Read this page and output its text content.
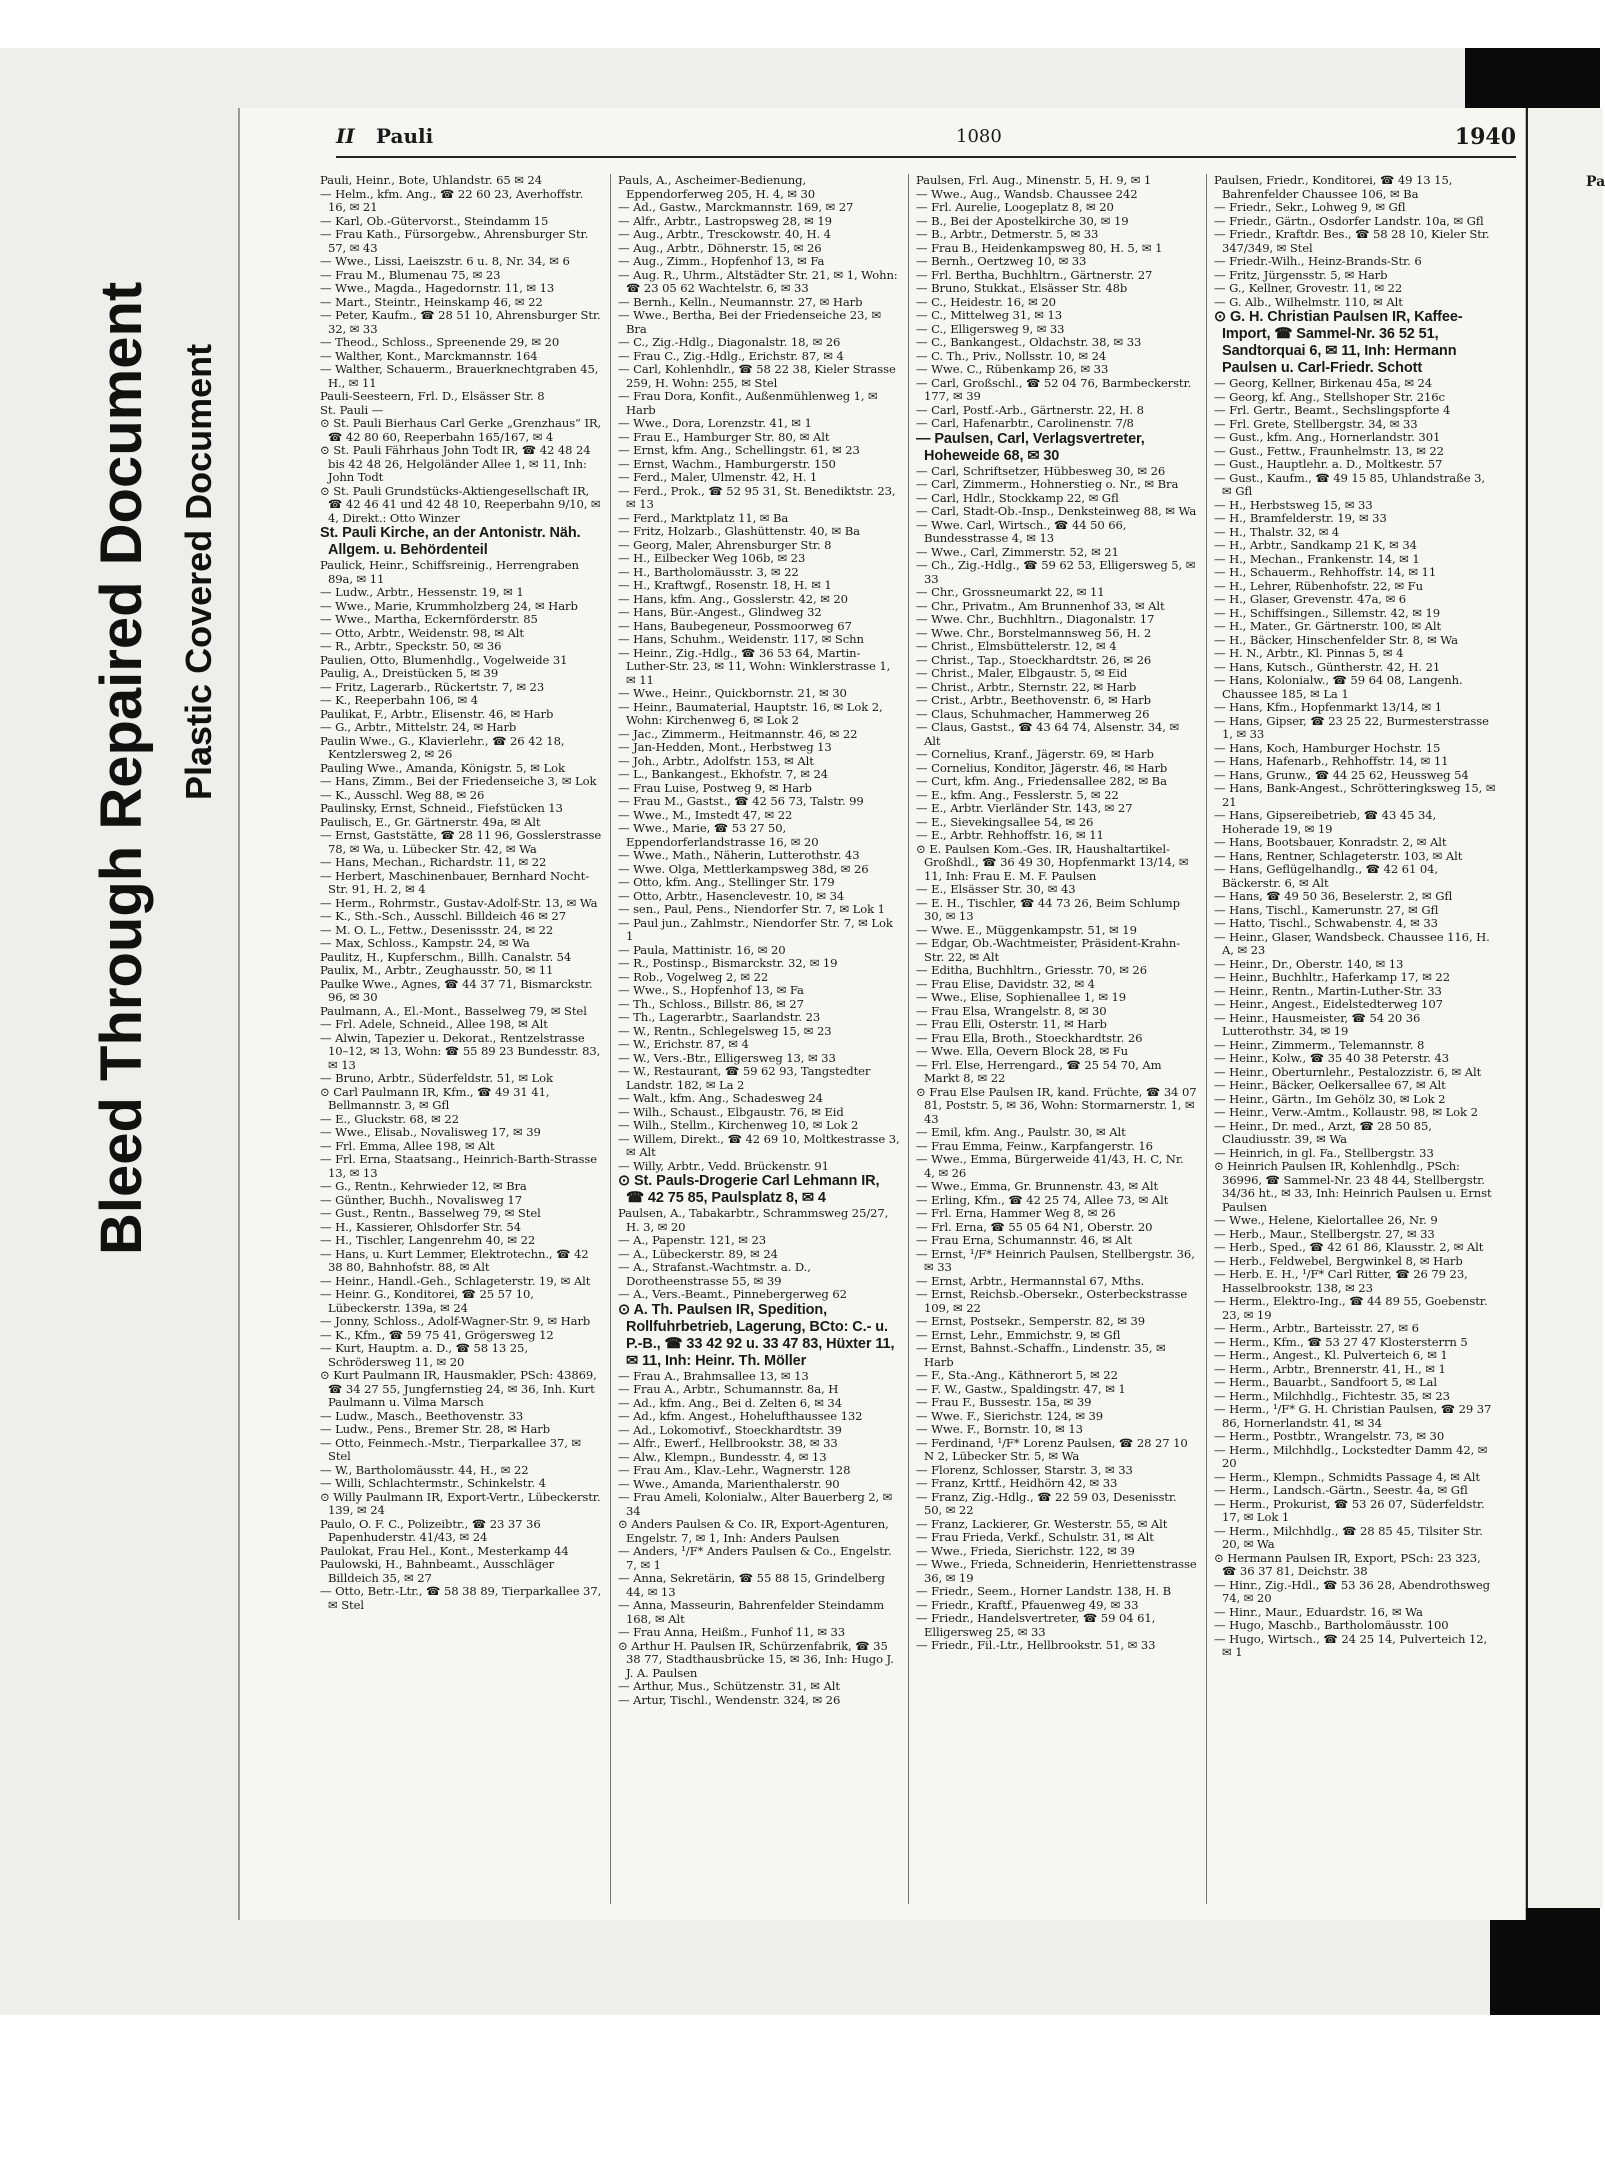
Bleed Through Repaired Document Plastic Covered Document
Pa
II Pauli	1080	1940

Pauli, Heinr., Bote, Uhlandstr. 65 ✉ 24

— Helm., kfm. Ang., ☎ 22 60 23, Averhoffstr. 16, ✉ 21

— Karl, Ob.-Gütervorst., Steindamm 15

— Frau Kath., Fürsorgebw., Ahrensburger Str. 57, ✉ 43

— Wwe., Lissi, Laeiszstr. 6 u. 8, Nr. 34, ✉ 6

— Frau M., Blumenau 75, ✉ 23

— Wwe., Magda., Hagedornstr. 11, ✉ 13

— Mart., Steintr., Heinskamp 46, ✉ 22

— Peter, Kaufm., ☎ 28 51 10, Ahrensburger Str. 32, ✉ 33

— Theod., Schloss., Spreenende 29, ✉ 20

— Walther, Kont., Marckmannstr. 164

— Walther, Schauerm., Brauerknechtgraben 45, H., ✉ 11

Pauli-Seesteern, Frl. D., Elsässer Str. 8

St. Pauli —

⊙ St. Pauli Bierhaus Carl Gerke „Grenzhaus“ IR, ☎ 42 80 60, Reeperbahn 165/167, ✉ 4

⊙ St. Pauli Fährhaus John Todt IR, ☎ 42 48 24 bis 42 48 26, Helgoländer Allee 1, ✉ 11, Inh: John Todt

⊙ St. Pauli Grundstücks-Aktiengesellschaft IR, ☎ 42 46 41 und 42 48 10, Reeperbahn 9/10, ✉ 4, Direkt.: Otto Winzer

St. Pauli Kirche, an der Antonistr. Näh. Allgem. u. Behördenteil

Paulick, Heinr., Schiffsreinig., Herrengraben 89a, ✉ 11

— Ludw., Arbtr., Hessenstr. 19, ✉ 1

— Wwe., Marie, Krummholzberg 24, ✉ Harb

— Wwe., Martha, Eckernförderstr. 85

— Otto, Arbtr., Weidenstr. 98, ✉ Alt

— R., Arbtr., Speckstr. 50, ✉ 36

Paulien, Otto, Blumenhdlg., Vogelweide 31

Paulig, A., Dreistücken 5, ✉ 39

— Fritz, Lagerarb., Rückertstr. 7, ✉ 23

— K., Reeperbahn 106, ✉ 4

Paulikat, F., Arbtr., Elisenstr. 46, ✉ Harb

— G., Arbtr., Mittelstr. 24, ✉ Harb

Paulin Wwe., G., Klavierlehr., ☎ 26 42 18, Kentzlersweg 2, ✉ 26

Pauling Wwe., Amanda, Königstr. 5, ✉ Lok

— Hans, Zimm., Bei der Friedenseiche 3, ✉ Lok

— K., Ausschl. Weg 88, ✉ 26

Paulinsky, Ernst, Schneid., Fiefstücken 13

Paulisch, E., Gr. Gärtnerstr. 49a, ✉ Alt

— Ernst, Gaststätte, ☎ 28 11 96, Gosslerstrasse 78, ✉ Wa, u. Lübecker Str. 42, ✉ Wa

— Hans, Mechan., Richardstr. 11, ✉ 22

— Herbert, Maschinenbauer, Bernhard Nocht-Str. 91, H. 2, ✉ 4

— Herm., Rohrmstr., Gustav-Adolf-Str. 13, ✉ Wa

— K., Sth.-Sch., Ausschl. Billdeich 46 ✉ 27

— M. O. L., Fettw., Desenissstr. 24, ✉ 22

— Max, Schloss., Kampstr. 24, ✉ Wa

Paulitz, H., Kupferschm., Billh. Canalstr. 54

Paulix, M., Arbtr., Zeughausstr. 50, ✉ 11

Paulke Wwe., Agnes, ☎ 44 37 71, Bismarckstr. 96, ✉ 30

Paulmann, A., El.-Mont., Basselweg 79, ✉ Stel

— Frl. Adele, Schneid., Allee 198, ✉ Alt

— Alwin, Tapezier u. Dekorat., Rentzelstrasse 10–12, ✉ 13, Wohn: ☎ 55 89 23 Bundesstr. 83, ✉ 13

— Bruno, Arbtr., Süderfeldstr. 51, ✉ Lok

⊙ Carl Paulmann IR, Kfm., ☎ 49 31 41, Bellmannstr. 3, ✉ Gfl

— E., Gluckstr. 68, ✉ 22

— Wwe., Elisab., Novalisweg 17, ✉ 39

— Frl. Emma, Allee 198, ✉ Alt

— Frl. Erna, Staatsang., Heinrich-Barth-Strasse 13, ✉ 13

— G., Rentn., Kehrwieder 12, ✉ Bra

— Günther, Buchh., Novalisweg 17

— Gust., Rentn., Basselweg 79, ✉ Stel

— H., Kassierer, Ohlsdorfer Str. 54

— H., Tischler, Langenrehm 40, ✉ 22

— Hans, u. Kurt Lemmer, Elektrotechn., ☎ 42 38 80, Bahnhofstr. 88, ✉ Alt

— Heinr., Handl.-Geh., Schlageterstr. 19, ✉ Alt

— Heinr. G., Konditorei, ☎ 25 57 10, Lübeckerstr. 139a, ✉ 24

— Jonny, Schloss., Adolf-Wagner-Str. 9, ✉ Harb

— K., Kfm., ☎ 59 75 41, Grögersweg 12

— Kurt, Hauptm. a. D., ☎ 58 13 25, Schrödersweg 11, ✉ 20

⊙ Kurt Paulmann IR, Hausmakler, PSch: 43869, ☎ 34 27 55, Jungfernstieg 24, ✉ 36, Inh. Kurt Paulmann u. Vilma Marsch

— Ludw., Masch., Beethovenstr. 33

— Ludw., Pens., Bremer Str. 28, ✉ Harb

— Otto, Feinmech.-Mstr., Tierparkallee 37, ✉ Stel

— W., Bartholomäusstr. 44, H., ✉ 22

— Willi, Schlachtermstr., Schinkelstr. 4

⊙ Willy Paulmann IR, Export-Vertr., Lübeckerstr. 139, ✉ 24

Paulo, O. F. C., Polizeibtr., ☎ 23 37 36 Papenhuderstr. 41/43, ✉ 24

Paulokat, Frau Hel., Kont., Mesterkamp 44

Paulowski, H., Bahnbeamt., Ausschläger Billdeich 35, ✉ 27

— Otto, Betr.-Ltr., ☎ 58 38 89, Tierparkallee 37, ✉ Stel

Pauls, A., Ascheimer-Bedienung, Eppendorferweg 205, H. 4, ✉ 30

— Ad., Gastw., Marckmannstr. 169, ✉ 27

— Alfr., Arbtr., Lastropsweg 28, ✉ 19

— Aug., Arbtr., Tresckowstr. 40, H. 4

— Aug., Arbtr., Döhnerstr. 15, ✉ 26

— Aug., Zimm., Hopfenhof 13, ✉ Fa

— Aug. R., Uhrm., Altstädter Str. 21, ✉ 1, Wohn: ☎ 23 05 62 Wachtelstr. 6, ✉ 33

— Bernh., Kelln., Neumannstr. 27, ✉ Harb

— Wwe., Bertha, Bei der Friedenseiche 23, ✉ Bra

— C., Zig.-Hdlg., Diagonalstr. 18, ✉ 26

— Frau C., Zig.-Hdlg., Erichstr. 87, ✉ 4

— Carl, Kohlenhdlr., ☎ 58 22 38, Kieler Strasse 259, H. Wohn: 255, ✉ Stel

— Frau Dora, Konfit., Außenmühlenweg 1, ✉ Harb

— Wwe., Dora, Lorenzstr. 41, ✉ 1

— Frau E., Hamburger Str. 80, ✉ Alt

— Ernst, kfm. Ang., Schellingstr. 61, ✉ 23

— Ernst, Wachm., Hamburgerstr. 150

— Ferd., Maler, Ulmenstr. 42, H. 1

— Ferd., Prok., ☎ 52 95 31, St. Benediktstr. 23, ✉ 13

— Ferd., Marktplatz 11, ✉ Ba

— Fritz, Holzarb., Glashüttenstr. 40, ✉ Ba

— Georg, Maler, Ahrensburger Str. 8

— H., Eilbecker Weg 106b, ✉ 23

— H., Bartholomäusstr. 3, ✉ 22

— H., Kraftwgf., Rosenstr. 18, H. ✉ 1

— Hans, kfm. Ang., Gosslerstr. 42, ✉ 20

— Hans, Bür.-Angest., Glindweg 32

— Hans, Baubegeneur, Possmoorweg 67

— Hans, Schuhm., Weidenstr. 117, ✉ Schn

— Heinr., Zig.-Hdlg., ☎ 36 53 64, Martin-Luther-Str. 23, ✉ 11, Wohn: Winklerstrasse 1, ✉ 11

— Wwe., Heinr., Quickbornstr. 21, ✉ 30

— Heinr., Baumaterial, Hauptstr. 16, ✉ Lok 2, Wohn: Kirchenweg 6, ✉ Lok 2

— Jac., Zimmerm., Heitmannstr. 46, ✉ 22

— Jan-Hedden, Mont., Herbstweg 13

— Joh., Arbtr., Adolfstr. 153, ✉ Alt

— L., Bankangest., Ekhofstr. 7, ✉ 24

— Frau Luise, Postweg 9, ✉ Harb

— Frau M., Gastst., ☎ 42 56 73, Talstr. 99

— Wwe., M., Imstedt 47, ✉ 22

— Wwe., Marie, ☎ 53 27 50, Eppendorferlandstrasse 16, ✉ 20

— Wwe., Math., Näherin, Lutterothstr. 43

— Wwe. Olga, Mettlerkampsweg 38d, ✉ 26

— Otto, kfm. Ang., Stellinger Str. 179

— Otto, Arbtr., Hasenclevestr. 10, ✉ 34

— sen., Paul, Pens., Niendorfer Str. 7, ✉ Lok 1

— Paul jun., Zahlmstr., Niendorfer Str. 7, ✉ Lok 1

— Paula, Mattinistr. 16, ✉ 20

— R., Postinsp., Bismarckstr. 32, ✉ 19

— Rob., Vogelweg 2, ✉ 22

— Wwe., S., Hopfenhof 13, ✉ Fa

— Th., Schloss., Billstr. 86, ✉ 27

— Th., Lagerarbtr., Saarlandstr. 23

— W., Rentn., Schlegelsweg 15, ✉ 23

— W., Erichstr. 87, ✉ 4

— W., Vers.-Btr., Elligersweg 13, ✉ 33

— W., Restaurant, ☎ 59 62 93, Tangstedter Landstr. 182, ✉ La 2

— Walt., kfm. Ang., Schadesweg 24

— Wilh., Schaust., Elbgaustr. 76, ✉ Eid

— Wilh., Stellm., Kirchenweg 10, ✉ Lok 2

— Willem, Direkt., ☎ 42 69 10, Moltkestrasse 3, ✉ Alt

— Willy, Arbtr., Vedd. Brückenstr. 91

⊙ St. Pauls-Drogerie Carl Lehmann IR, ☎ 42 75 85, Paulsplatz 8, ✉ 4

Paulsen, A., Tabakarbtr., Schrammsweg 25/27, H. 3, ✉ 20

— A., Papenstr. 121, ✉ 23

— A., Lübeckerstr. 89, ✉ 24

— A., Strafanst.-Wachtmstr. a. D., Dorotheenstrasse 55, ✉ 39

— A., Vers.-Beamt., Pinnebergerweg 62

⊙ A. Th. Paulsen IR, Spedition, Rollfuhrbetrieb, Lagerung, BCto: C.- u. P.-B., ☎ 33 42 92 u. 33 47 83, Hüxter 11, ✉ 11, Inh: Heinr. Th. Möller

— Frau A., Brahmsallee 13, ✉ 13

— Frau A., Arbtr., Schumannstr. 8a, H

— Ad., kfm. Ang., Bei d. Zelten 6, ✉ 34

— Ad., kfm. Angest., Hohelufthaussee 132

— Ad., Lokomotivf., Stoeckhardtstr. 39

— Alfr., Ewerf., Hellbrookstr. 38, ✉ 33

— Alw., Klempn., Bundesstr. 4, ✉ 13

— Frau Am., Klav.-Lehr., Wagnerstr. 128

— Wwe., Amanda, Marienthalerstr. 90

— Frau Ameli, Kolonialw., Alter Bauerberg 2, ✉ 34

⊙ Anders Paulsen & Co. IR, Export-Agenturen, Engelstr. 7, ✉ 1, Inh: Anders Paulsen

— Anders, ¹/F* Anders Paulsen & Co., Engelstr. 7, ✉ 1

— Anna, Sekretärin, ☎ 55 88 15, Grindelberg 44, ✉ 13

— Anna, Masseurin, Bahrenfelder Steindamm 168, ✉ Alt

— Frau Anna, Heißm., Funhof 11, ✉ 33

⊙ Arthur H. Paulsen IR, Schürzenfabrik, ☎ 35 38 77, Stadthausbrücke 15, ✉ 36, Inh: Hugo J. J. A. Paulsen

— Arthur, Mus., Schützenstr. 31, ✉ Alt

— Artur, Tischl., Wendenstr. 324, ✉ 26

Paulsen, Frl. Aug., Minenstr. 5, H. 9, ✉ 1

— Wwe., Aug., Wandsb. Chaussee 242

— Frl. Aurelie, Loogeplatz 8, ✉ 20

— B., Bei der Apostelkirche 30, ✉ 19

— B., Arbtr., Detmerstr. 5, ✉ 33

— Frau B., Heidenkampsweg 80, H. 5, ✉ 1

— Bernh., Oertzweg 10, ✉ 33

— Frl. Bertha, Buchhltrn., Gärtnerstr. 27

— Bruno, Stukkat., Elsässer Str. 48b

— C., Heidestr. 16, ✉ 20

— C., Mittelweg 31, ✉ 13

— C., Elligersweg 9, ✉ 33

— C., Bankangest., Oldachstr. 38, ✉ 33

— C. Th., Priv., Nollsstr. 10, ✉ 24

— Wwe. C., Rübenkamp 26, ✉ 33

— Carl, Großschl., ☎ 52 04 76, Barmbeckerstr. 177, ✉ 39

— Carl, Postf.-Arb., Gärtnerstr. 22, H. 8

— Carl, Hafenarbtr., Carolinenstr. 7/8

— Paulsen, Carl, Verlagsvertreter, Hoheweide 68, ✉ 30

— Carl, Schriftsetzer, Hübbesweg 30, ✉ 26

— Carl, Zimmerm., Hohnerstieg o. Nr., ✉ Bra

— Carl, Hdlr., Stockkamp 22, ✉ Gfl

— Carl, Stadt-Ob.-Insp., Denksteinweg 88, ✉ Wa

— Wwe. Carl, Wirtsch., ☎ 44 50 66, Bundesstrasse 4, ✉ 13

— Wwe., Carl, Zimmerstr. 52, ✉ 21

— Ch., Zig.-Hdlg., ☎ 59 62 53, Elligersweg 5, ✉ 33

— Chr., Grossneumarkt 22, ✉ 11

— Chr., Privatm., Am Brunnenhof 33, ✉ Alt

— Wwe. Chr., Buchhltrn., Diagonalstr. 17

— Wwe. Chr., Borstelmannsweg 56, H. 2

— Christ., Elmsbüttelerstr. 12, ✉ 4

— Christ., Tap., Stoeckhardtstr. 26, ✉ 26

— Christ., Maler, Elbgaustr. 5, ✉ Eid

— Christ., Arbtr., Sternstr. 22, ✉ Harb

— Crist., Arbtr., Beethovenstr. 6, ✉ Harb

— Claus, Schuhmacher, Hammerweg 26

— Claus, Gastst., ☎ 43 64 74, Alsenstr. 34, ✉ Alt

— Cornelius, Kranf., Jägerstr. 69, ✉ Harb

— Cornelius, Konditor, Jägerstr. 46, ✉ Harb

— Curt, kfm. Ang., Friedensallee 282, ✉ Ba

— E., kfm. Ang., Fesslerstr. 5, ✉ 22

— E., Arbtr. Vierländer Str. 143, ✉ 27

— E., Sievekingsallee 54, ✉ 26

— E., Arbtr. Rehhoffstr. 16, ✉ 11

⊙ E. Paulsen Kom.-Ges. IR, Haushaltartikel-Großhdl., ☎ 36 49 30, Hopfenmarkt 13/14, ✉ 11, Inh: Frau E. M. F. Paulsen

— E., Elsässer Str. 30, ✉ 43

— E. H., Tischler, ☎ 44 73 26, Beim Schlump 30, ✉ 13

— Wwe. E., Müggenkampstr. 51, ✉ 19

— Edgar, Ob.-Wachtmeister, Präsident-Krahn-Str. 22, ✉ Alt

— Editha, Buchhltrn., Griesstr. 70, ✉ 26

— Frau Elise, Davidstr. 32, ✉ 4

— Wwe., Elise, Sophienallee 1, ✉ 19

— Frau Elsa, Wrangelstr. 8, ✉ 30

— Frau Elli, Osterstr. 11, ✉ Harb

— Frau Ella, Broth., Stoeckhardtstr. 26

— Wwe. Ella, Oevern Block 28, ✉ Fu

— Frl. Else, Herrengard., ☎ 25 54 70, Am Markt 8, ✉ 22

⊙ Frau Else Paulsen IR, kand. Früchte, ☎ 34 07 81, Poststr. 5, ✉ 36, Wohn: Stormarnerstr. 1, ✉ 43

— Emil, kfm. Ang., Paulstr. 30, ✉ Alt

— Frau Emma, Feinw., Karpfangerstr. 16

— Wwe., Emma, Bürgerweide 41/43, H. C, Nr. 4, ✉ 26

— Wwe., Emma, Gr. Brunnenstr. 43, ✉ Alt

— Erling, Kfm., ☎ 42 25 74, Allee 73, ✉ Alt

— Frl. Erna, Hammer Weg 8, ✉ 26

— Frl. Erna, ☎ 55 05 64 N1, Oberstr. 20

— Frau Erna, Schumannstr. 46, ✉ Alt

— Ernst, ¹/F* Heinrich Paulsen, Stellbergstr. 36, ✉ 33

— Ernst, Arbtr., Hermannstal 67, Mths.

— Ernst, Reichsb.-Obersekr., Osterbeckstrasse 109, ✉ 22

— Ernst, Postsekr., Semperstr. 82, ✉ 39

— Ernst, Lehr., Emmichstr. 9, ✉ Gfl

— Ernst, Bahnst.-Schaffn., Lindenstr. 35, ✉ Harb

— F., Sta.-Ang., Käthnerort 5, ✉ 22

— F. W., Gastw., Spaldingstr. 47, ✉ 1

— Frau F., Bussestr. 15a, ✉ 39

— Wwe. F., Sierichstr. 124, ✉ 39

— Wwe. F., Bornstr. 10, ✉ 13

— Ferdinand, ¹/F* Lorenz Paulsen, ☎ 28 27 10 N 2, Lübecker Str. 5, ✉ Wa

— Florenz, Schlosser, Starstr. 3, ✉ 33

— Franz, Krttf., Heidhörn 42, ✉ 33

— Franz, Zig.-Hdlg., ☎ 22 59 03, Desenisstr. 50, ✉ 22

— Franz, Lackierer, Gr. Westerstr. 55, ✉ Alt

— Frau Frieda, Verkf., Schulstr. 31, ✉ Alt

— Wwe., Frieda, Sierichstr. 122, ✉ 39

— Wwe., Frieda, Schneiderin, Henriettenstrasse 36, ✉ 19

— Friedr., Seem., Horner Landstr. 138, H. B

— Friedr., Kraftf., Pfauenweg 49, ✉ 33

— Friedr., Handelsvertreter, ☎ 59 04 61, Elligersweg 25, ✉ 33

— Friedr., Fil.-Ltr., Hellbrookstr. 51, ✉ 33

Paulsen, Friedr., Konditorei, ☎ 49 13 15, Bahrenfelder Chaussee 106, ✉ Ba

— Friedr., Sekr., Lohweg 9, ✉ Gfl

— Friedr., Gärtn., Osdorfer Landstr. 10a, ✉ Gfl

— Friedr., Kraftdr. Bes., ☎ 58 28 10, Kieler Str. 347/349, ✉ Stel

— Friedr.-Wilh., Heinz-Brands-Str. 6

— Fritz, Jürgensstr. 5, ✉ Harb

— G., Kellner, Grovestr. 11, ✉ 22

— G. Alb., Wilhelmstr. 110, ✉ Alt

⊙ G. H. Christian Paulsen IR, Kaffee-Import, ☎ Sammel-Nr. 36 52 51, Sandtorquai 6, ✉ 11, Inh: Hermann Paulsen u. Carl-Friedr. Schott

— Georg, Kellner, Birkenau 45a, ✉ 24

— Georg, kf. Ang., Stellshoper Str. 216c

— Frl. Gertr., Beamt., Sechslingspforte 4

— Frl. Grete, Stellbergstr. 34, ✉ 33

— Gust., kfm. Ang., Hornerlandstr. 301

— Gust., Fettw., Fraunhelmstr. 13, ✉ 22

— Gust., Hauptlehr. a. D., Moltkestr. 57

— Gust., Kaufm., ☎ 49 15 85, Uhlandstraße 3, ✉ Gfl

— H., Herbstsweg 15, ✉ 33

— H., Bramfelderstr. 19, ✉ 33

— H., Thalstr. 32, ✉ 4

— H., Arbtr., Sandkamp 21 K, ✉ 34

— H., Mechan., Frankenstr. 14, ✉ 1

— H., Schauerm., Rehhoffstr. 14, ✉ 11

— H., Lehrer, Rübenhofstr. 22, ✉ Fu

— H., Glaser, Grevenstr. 47a, ✉ 6

— H., Schiffsingen., Sillemstr. 42, ✉ 19

— H., Mater., Gr. Gärtnerstr. 100, ✉ Alt

— H., Bäcker, Hinschenfelder Str. 8, ✉ Wa

— H. N., Arbtr., Kl. Pinnas 5, ✉ 4

— Hans, Kutsch., Güntherstr. 42, H. 21

— Hans, Kolonialw., ☎ 59 64 08, Langenh. Chaussee 185, ✉ La 1

— Hans, Kfm., Hopfenmarkt 13/14, ✉ 1

— Hans, Gipser, ☎ 23 25 22, Burmesterstrasse 1, ✉ 33

— Hans, Koch, Hamburger Hochstr. 15

— Hans, Hafenarb., Rehhoffstr. 14, ✉ 11

— Hans, Grunw., ☎ 44 25 62, Heussweg 54

— Hans, Bank-Angest., Schrötteringksweg 15, ✉ 21

— Hans, Gipsereibetrieb, ☎ 43 45 34, Hoherade 19, ✉ 19

— Hans, Bootsbauer, Konradstr. 2, ✉ Alt

— Hans, Rentner, Schlageterstr. 103, ✉ Alt

— Hans, Geflügelhandlg., ☎ 42 61 04, Bäckerstr. 6, ✉ Alt

— Hans, ☎ 49 50 36, Beselerstr. 2, ✉ Gfl

— Hans, Tischl., Kamerunstr. 27, ✉ Gfl

— Hatto, Tischl., Schwabenstr. 4, ✉ 33

— Heinr., Glaser, Wandsbeck. Chaussee 116, H. A, ✉ 23

— Heinr., Dr., Oberstr. 140, ✉ 13

— Heinr., Buchhltr., Haferkamp 17, ✉ 22

— Heinr., Rentn., Martin-Luther-Str. 33

— Heinr., Angest., Eidelstedterweg 107

— Heinr., Hausmeister, ☎ 54 20 36 Lutterothstr. 34, ✉ 19

— Heinr., Zimmerm., Telemannstr. 8

— Heinr., Kolw., ☎ 35 40 38 Peterstr. 43

— Heinr., Oberturnlehr., Pestalozzistr. 6, ✉ Alt

— Heinr., Bäcker, Oelkersallee 67, ✉ Alt

— Heinr., Gärtn., Im Gehölz 30, ✉ Lok 2

— Heinr., Verw.-Amtm., Kollaustr. 98, ✉ Lok 2

— Heinr., Dr. med., Arzt, ☎ 28 50 85, Claudiusstr. 39, ✉ Wa

— Heinrich, in gl. Fa., Stellbergstr. 33

⊙ Heinrich Paulsen IR, Kohlenhdlg., PSch: 36996, ☎ Sammel-Nr. 23 48 44, Stellbergstr. 34/36 ht., ✉ 33, Inh: Heinrich Paulsen u. Ernst Paulsen

— Wwe., Helene, Kielortallee 26, Nr. 9

— Herb., Maur., Stellbergstr. 27, ✉ 33

— Herb., Sped., ☎ 42 61 86, Klausstr. 2, ✉ Alt

— Herb., Feldwebel, Bergwinkel 8, ✉ Harb

— Herb. E. H., ¹/F* Carl Ritter, ☎ 26 79 23, Hasselbrookstr. 138, ✉ 23

— Herm., Elektro-Ing., ☎ 44 89 55, Goebenstr. 23, ✉ 19

— Herm., Arbtr., Barteisstr. 27, ✉ 6

— Herm., Kfm., ☎ 53 27 47 Klostersterrn 5

— Herm., Angest., Kl. Pulverteich 6, ✉ 1

— Herm., Arbtr., Brennerstr. 41, H., ✉ 1

— Herm., Bauarbt., Sandfoort 5, ✉ Lal

— Herm., Milchhdlg., Fichtestr. 35, ✉ 23

— Herm., ¹/F* G. H. Christian Paulsen, ☎ 29 37 86, Hornerlandstr. 41, ✉ 34

— Herm., Postbtr., Wrangelstr. 73, ✉ 30

— Herm., Milchhdlg., Lockstedter Damm 42, ✉ 20

— Herm., Klempn., Schmidts Passage 4, ✉ Alt

— Herm., Landsch.-Gärtn., Seestr. 4a, ✉ Gfl

— Herm., Prokurist, ☎ 53 26 07, Süderfeldstr. 17, ✉ Lok 1

— Herm., Milchhdlg., ☎ 28 85 45, Tilsiter Str. 20, ✉ Wa

⊙ Hermann Paulsen IR, Export, PSch: 23 323, ☎ 36 37 81, Deichstr. 38

— Hinr., Zig.-Hdl., ☎ 53 36 28, Abendrothsweg 74, ✉ 20

— Hinr., Maur., Eduardstr. 16, ✉ Wa

— Hugo, Maschb., Bartholomäusstr. 100

— Hugo, Wirtsch., ☎ 24 25 14, Pulverteich 12, ✉ 1
